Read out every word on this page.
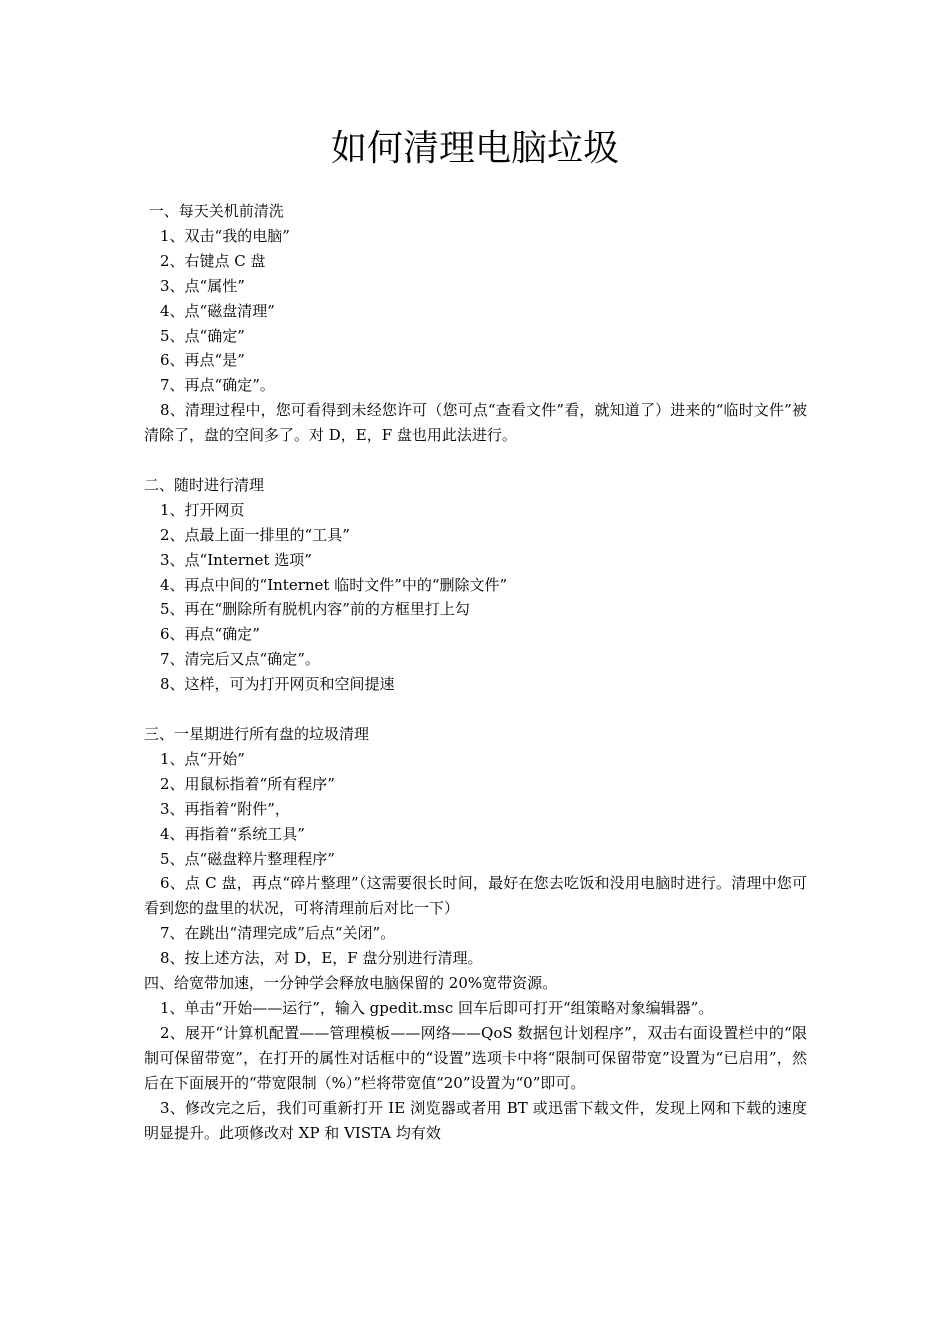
如何清理电脑垃圾
一、每天关机前清洗
1、双击“我的电脑”
2、右键点 C 盘
3、点“属性”
4、点“磁盘清理”
5、点“确定”
6、再点“是”
7、再点“确定”。
8、清理过程中，您可看得到未经您许可（您可点“查看文件”看，就知道了）进来的“临时文件”被清除了，盘的空间多了。对 D，E，F 盘也用此法进行。
二、随时进行清理
1、打开网页
2、点最上面一排里的“工具”
3、点“Internet 选项”
4、再点中间的“Internet 临时文件”中的“删除文件”
5、再在“删除所有脱机内容”前的方框里打上勾
6、再点“确定”
7、清完后又点“确定”。
8、这样，可为打开网页和空间提速
三、一星期进行所有盘的垃圾清理
1、点“开始”
2、用鼠标指着“所有程序”
3、再指着“附件”，
4、再指着“系统工具”
5、点“磁盘粹片整理程序”
6、点 C 盘，再点“碎片整理”（这需要很长时间，最好在您去吃饭和没用电脑时进行。清理中您可看到您的盘里的状况，可将清理前后对比一下）
7、在跳出“清理完成”后点“关闭”。
8、按上述方法，对 D，E，F 盘分别进行清理。
四、给宽带加速，一分钟学会释放电脑保留的 20%宽带资源。
1、单击“开始——运行”，输入 gpedit.msc 回车后即可打开“组策略对象编辑器”。
2、展开“计算机配置——管理模板——网络——QoS 数据包计划程序”，双击右面设置栏中的“限制可保留带宽”，在打开的属性对话框中的“设置”选项卡中将“限制可保留带宽”设置为“已启用”，然后在下面展开的“带宽限制（%）”栏将带宽值“20”设置为“0”即可。
3、修改完之后，我们可重新打开 IE 浏览器或者用 BT 或迅雷下载文件，发现上网和下载的速度明显提升。此项修改对 XP 和 VISTA 均有效
